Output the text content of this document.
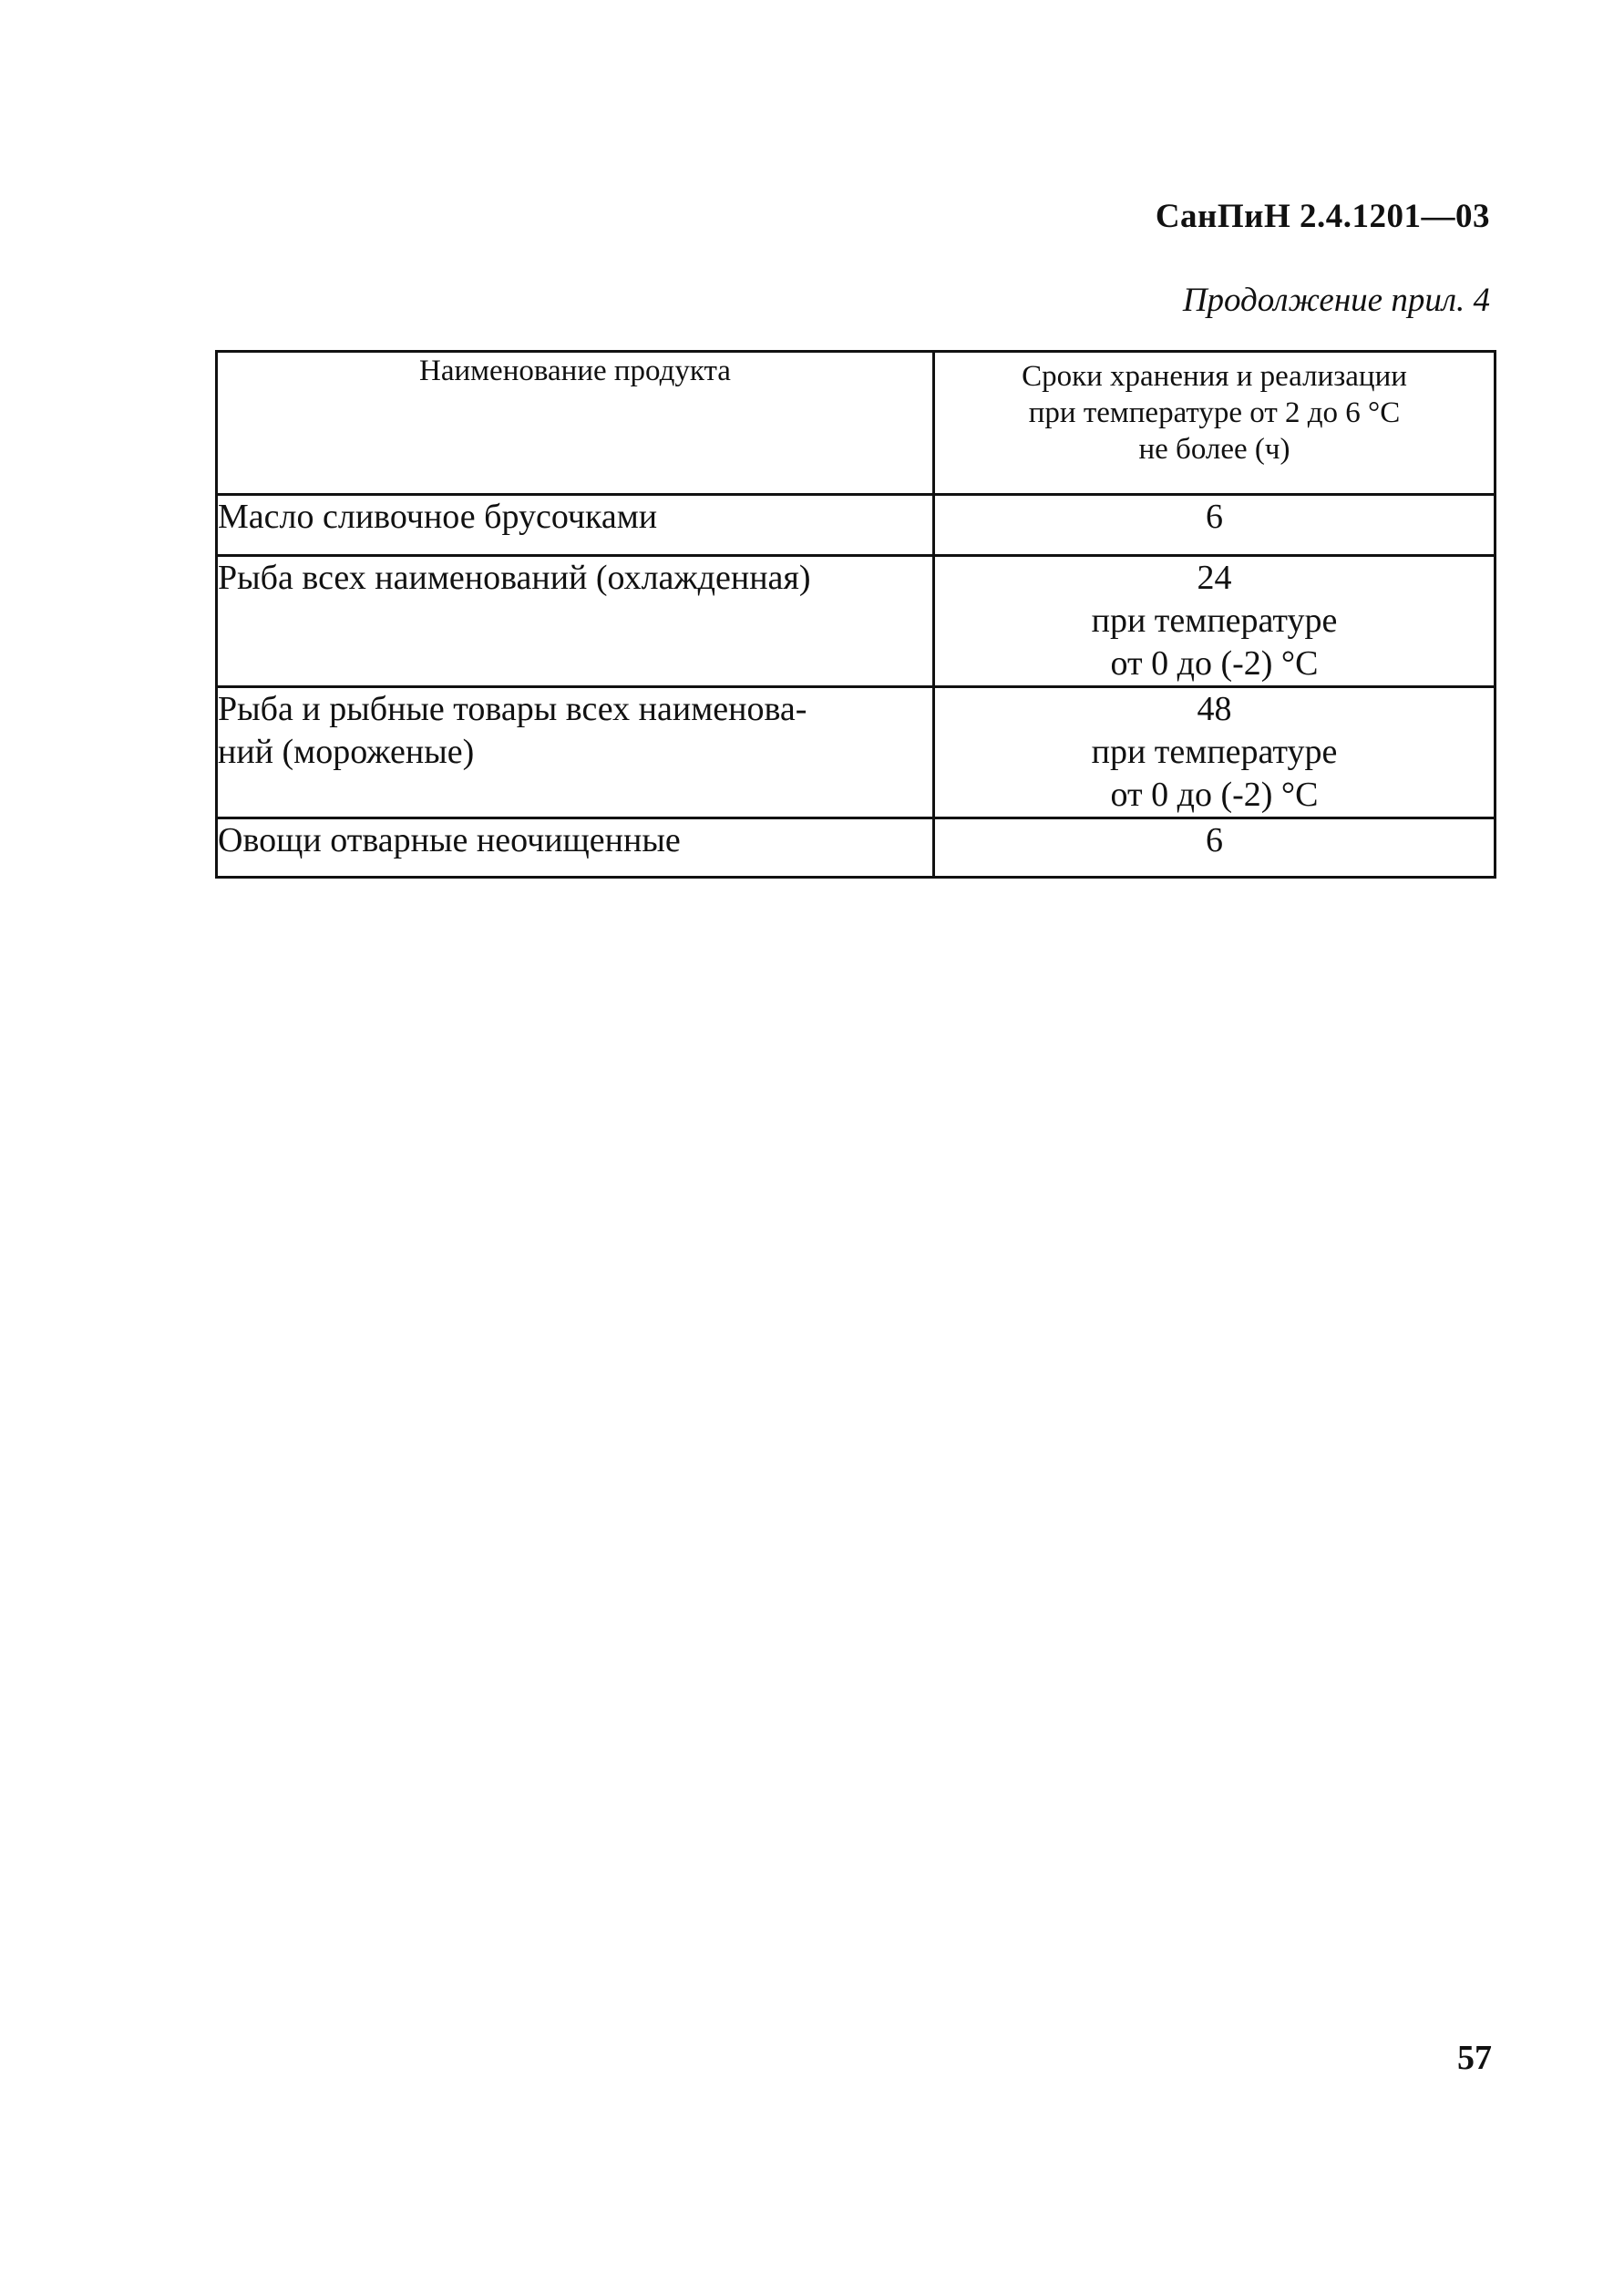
СанПиН 2.4.1201—03
Продолжение прил. 4
Наименование продукта	Сроки хранения и реализации
при температуре от 2 до 6 °С
не более (ч)

Масло сливочное брусочками	6

Рыба всех наименований (охлажденная)	24
при температуре
от 0 до (-2) °С

Рыба и рыбные товары всех наименова-
ний (мороженые)	48
при температуре
от 0 до (-2) °С

Овощи отварные неочищенные	6
57
